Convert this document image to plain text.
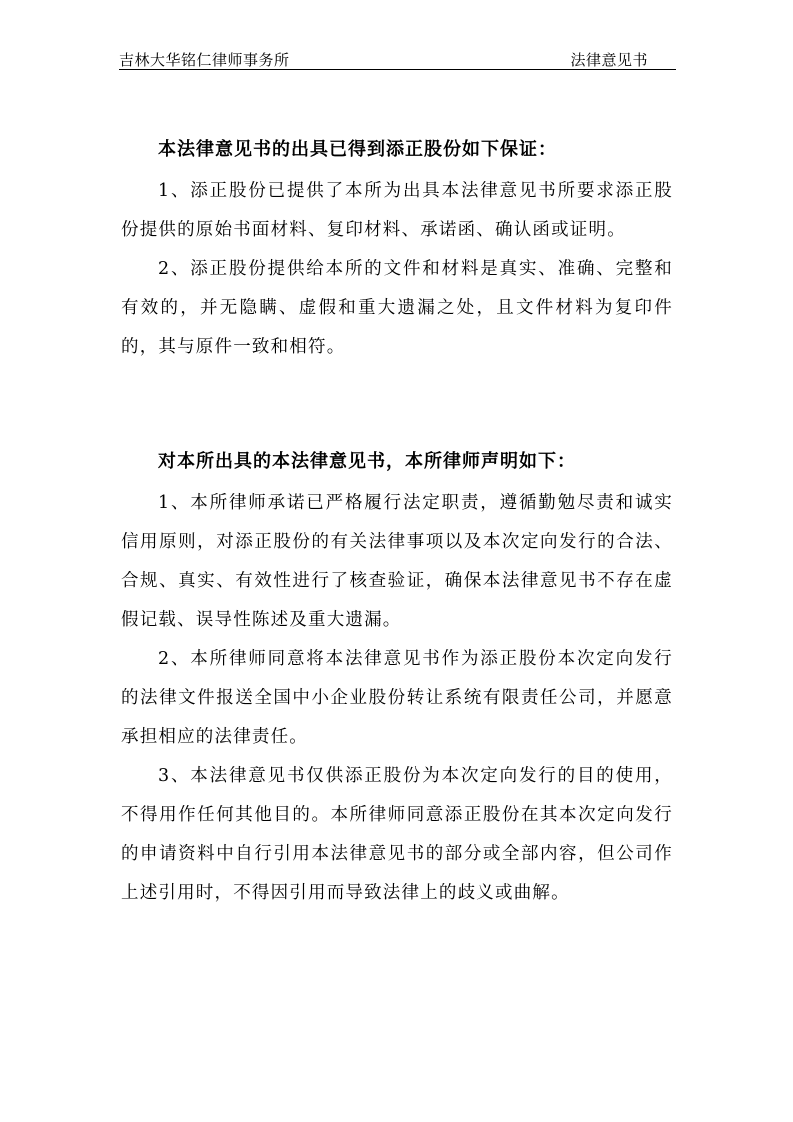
吉林大华铭仁律师事务所	法律意见书
本法律意见书的出具已得到添正股份如下保证：

1、添正股份已提供了本所为出具本法律意见书所要求添正股份提供的原始书面材料、复印材料、承诺函、确认函或证明。

2、添正股份提供给本所的文件和材料是真实、准确、完整和有效的，并无隐瞒、虚假和重大遗漏之处，且文件材料为复印件的，其与原件一致和相符。

对本所出具的本法律意见书，本所律师声明如下：

1、本所律师承诺已严格履行法定职责，遵循勤勉尽责和诚实信用原则，对添正股份的有关法律事项以及本次定向发行的合法、合规、真实、有效性进行了核查验证，确保本法律意见书不存在虚假记载、误导性陈述及重大遗漏。

2、本所律师同意将本法律意见书作为添正股份本次定向发行的法律文件报送全国中小企业股份转让系统有限责任公司，并愿意承担相应的法律责任。

3、本法律意见书仅供添正股份为本次定向发行的目的使用，不得用作任何其他目的。本所律师同意添正股份在其本次定向发行的申请资料中自行引用本法律意见书的部分或全部内容，但公司作上述引用时，不得因引用而导致法律上的歧义或曲解。
